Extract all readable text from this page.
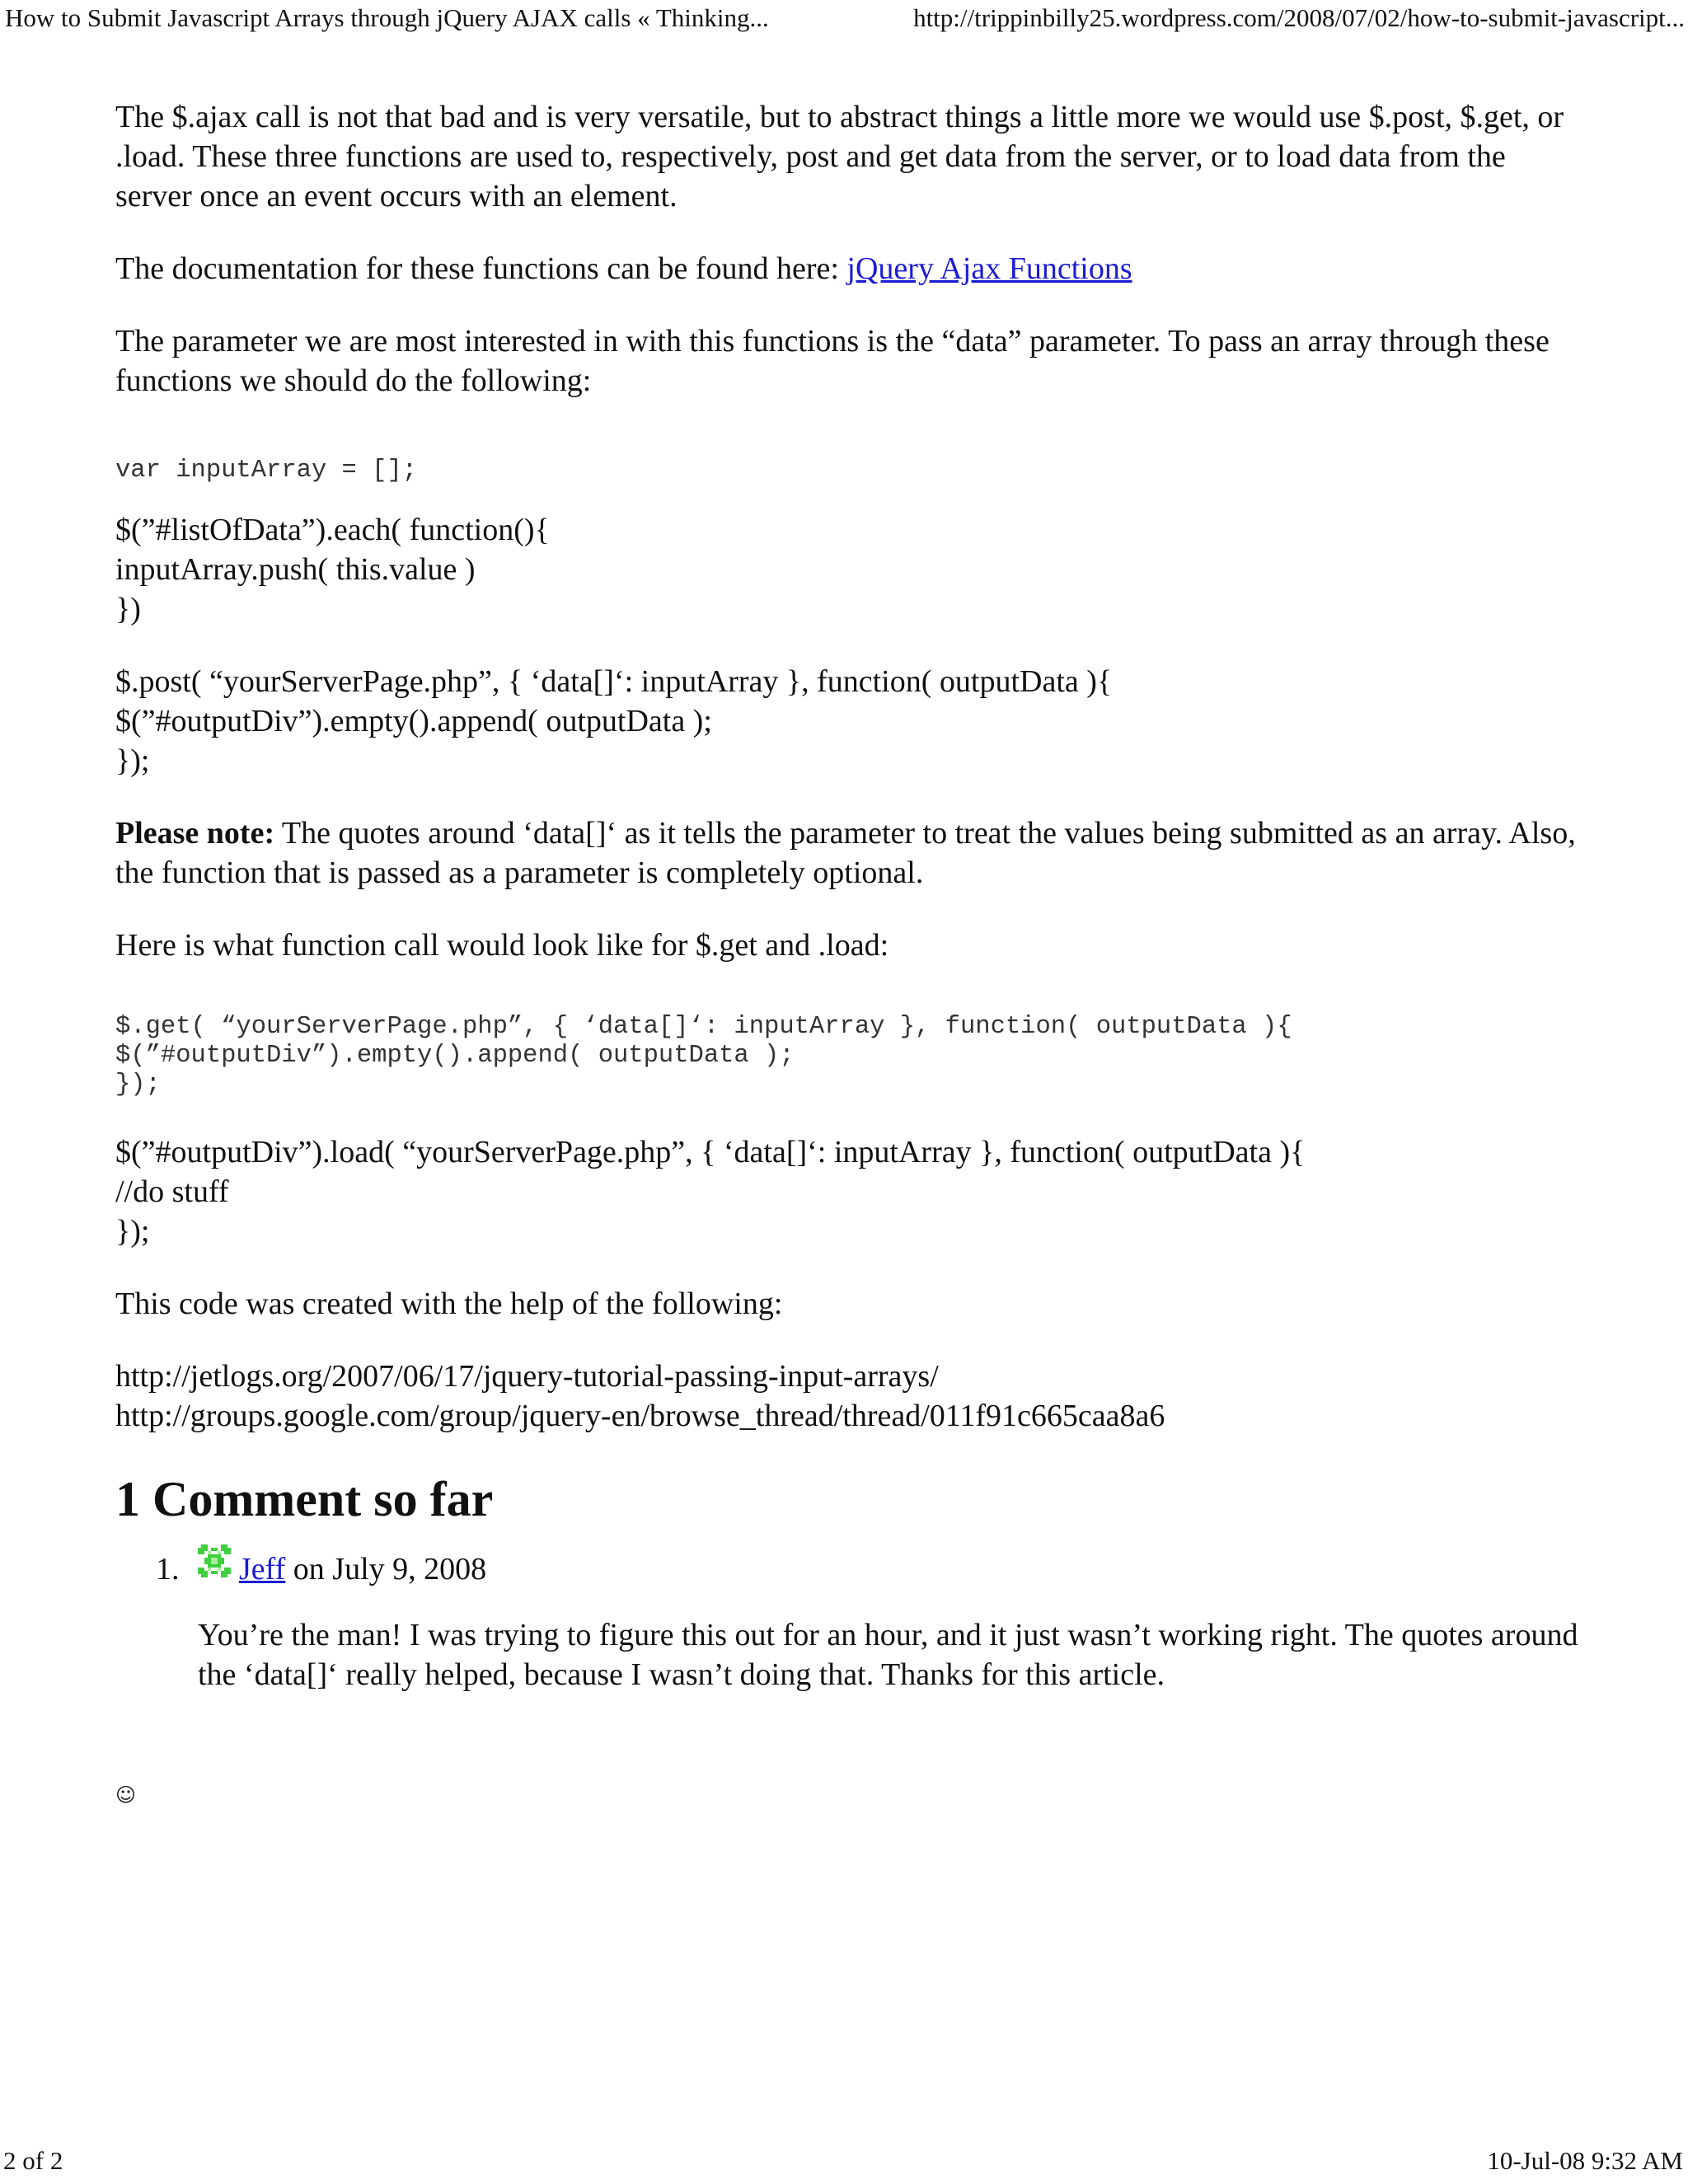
How to Submit Javascript Arrays through jQuery AJAX calls « Thinking...	http://trippinbilly25.wordpress.com/2008/07/02/how-to-submit-javascript...

The $.ajax call is not that bad and is very versatile, but to abstract things a little more we would use $.post, $.get, or .load. These three functions are used to, respectively, post and get data from the server, or to load data from the server once an event occurs with an element.

The documentation for these functions can be found here: jQuery Ajax Functions

The parameter we are most interested in with this functions is the “data” parameter. To pass an array through these functions we should do the following:

var inputArray = [];

$(”#listOfData”).each( function(){

inputArray.push( this.value )

})

$.post( “yourServerPage.php”, { ‘data[]‘: inputArray }, function( outputData ){

$(”#outputDiv”).empty().append( outputData );

});

Please note: The quotes around ‘data[]‘ as it tells the parameter to treat the values being submitted as an array. Also, the function that is passed as a parameter is completely optional.

Here is what function call would look like for $.get and .load:

$.get( “yourServerPage.php”, { ‘data[]‘: inputArray }, function( outputData ){

$(”#outputDiv”).empty().append( outputData );

});

$(”#outputDiv”).load( “yourServerPage.php”, { ‘data[]‘: inputArray }, function( outputData ){

//do stuff

});

This code was created with the help of the following:

http://jetlogs.org/2007/06/17/jquery-tutorial-passing-input-arrays/

http://groups.google.com/group/jquery-en/browse_thread/thread/011f91c665caa8a6

1 Comment so far
1. Jeff on July 9, 2008

You’re the man! I was trying to figure this out for an hour, and it just wasn’t working right. The quotes around the ‘data[]‘ really helped, because I wasn’t doing that. Thanks for this article.

☺
2 of 2	10-Jul-08 9:32 AM
